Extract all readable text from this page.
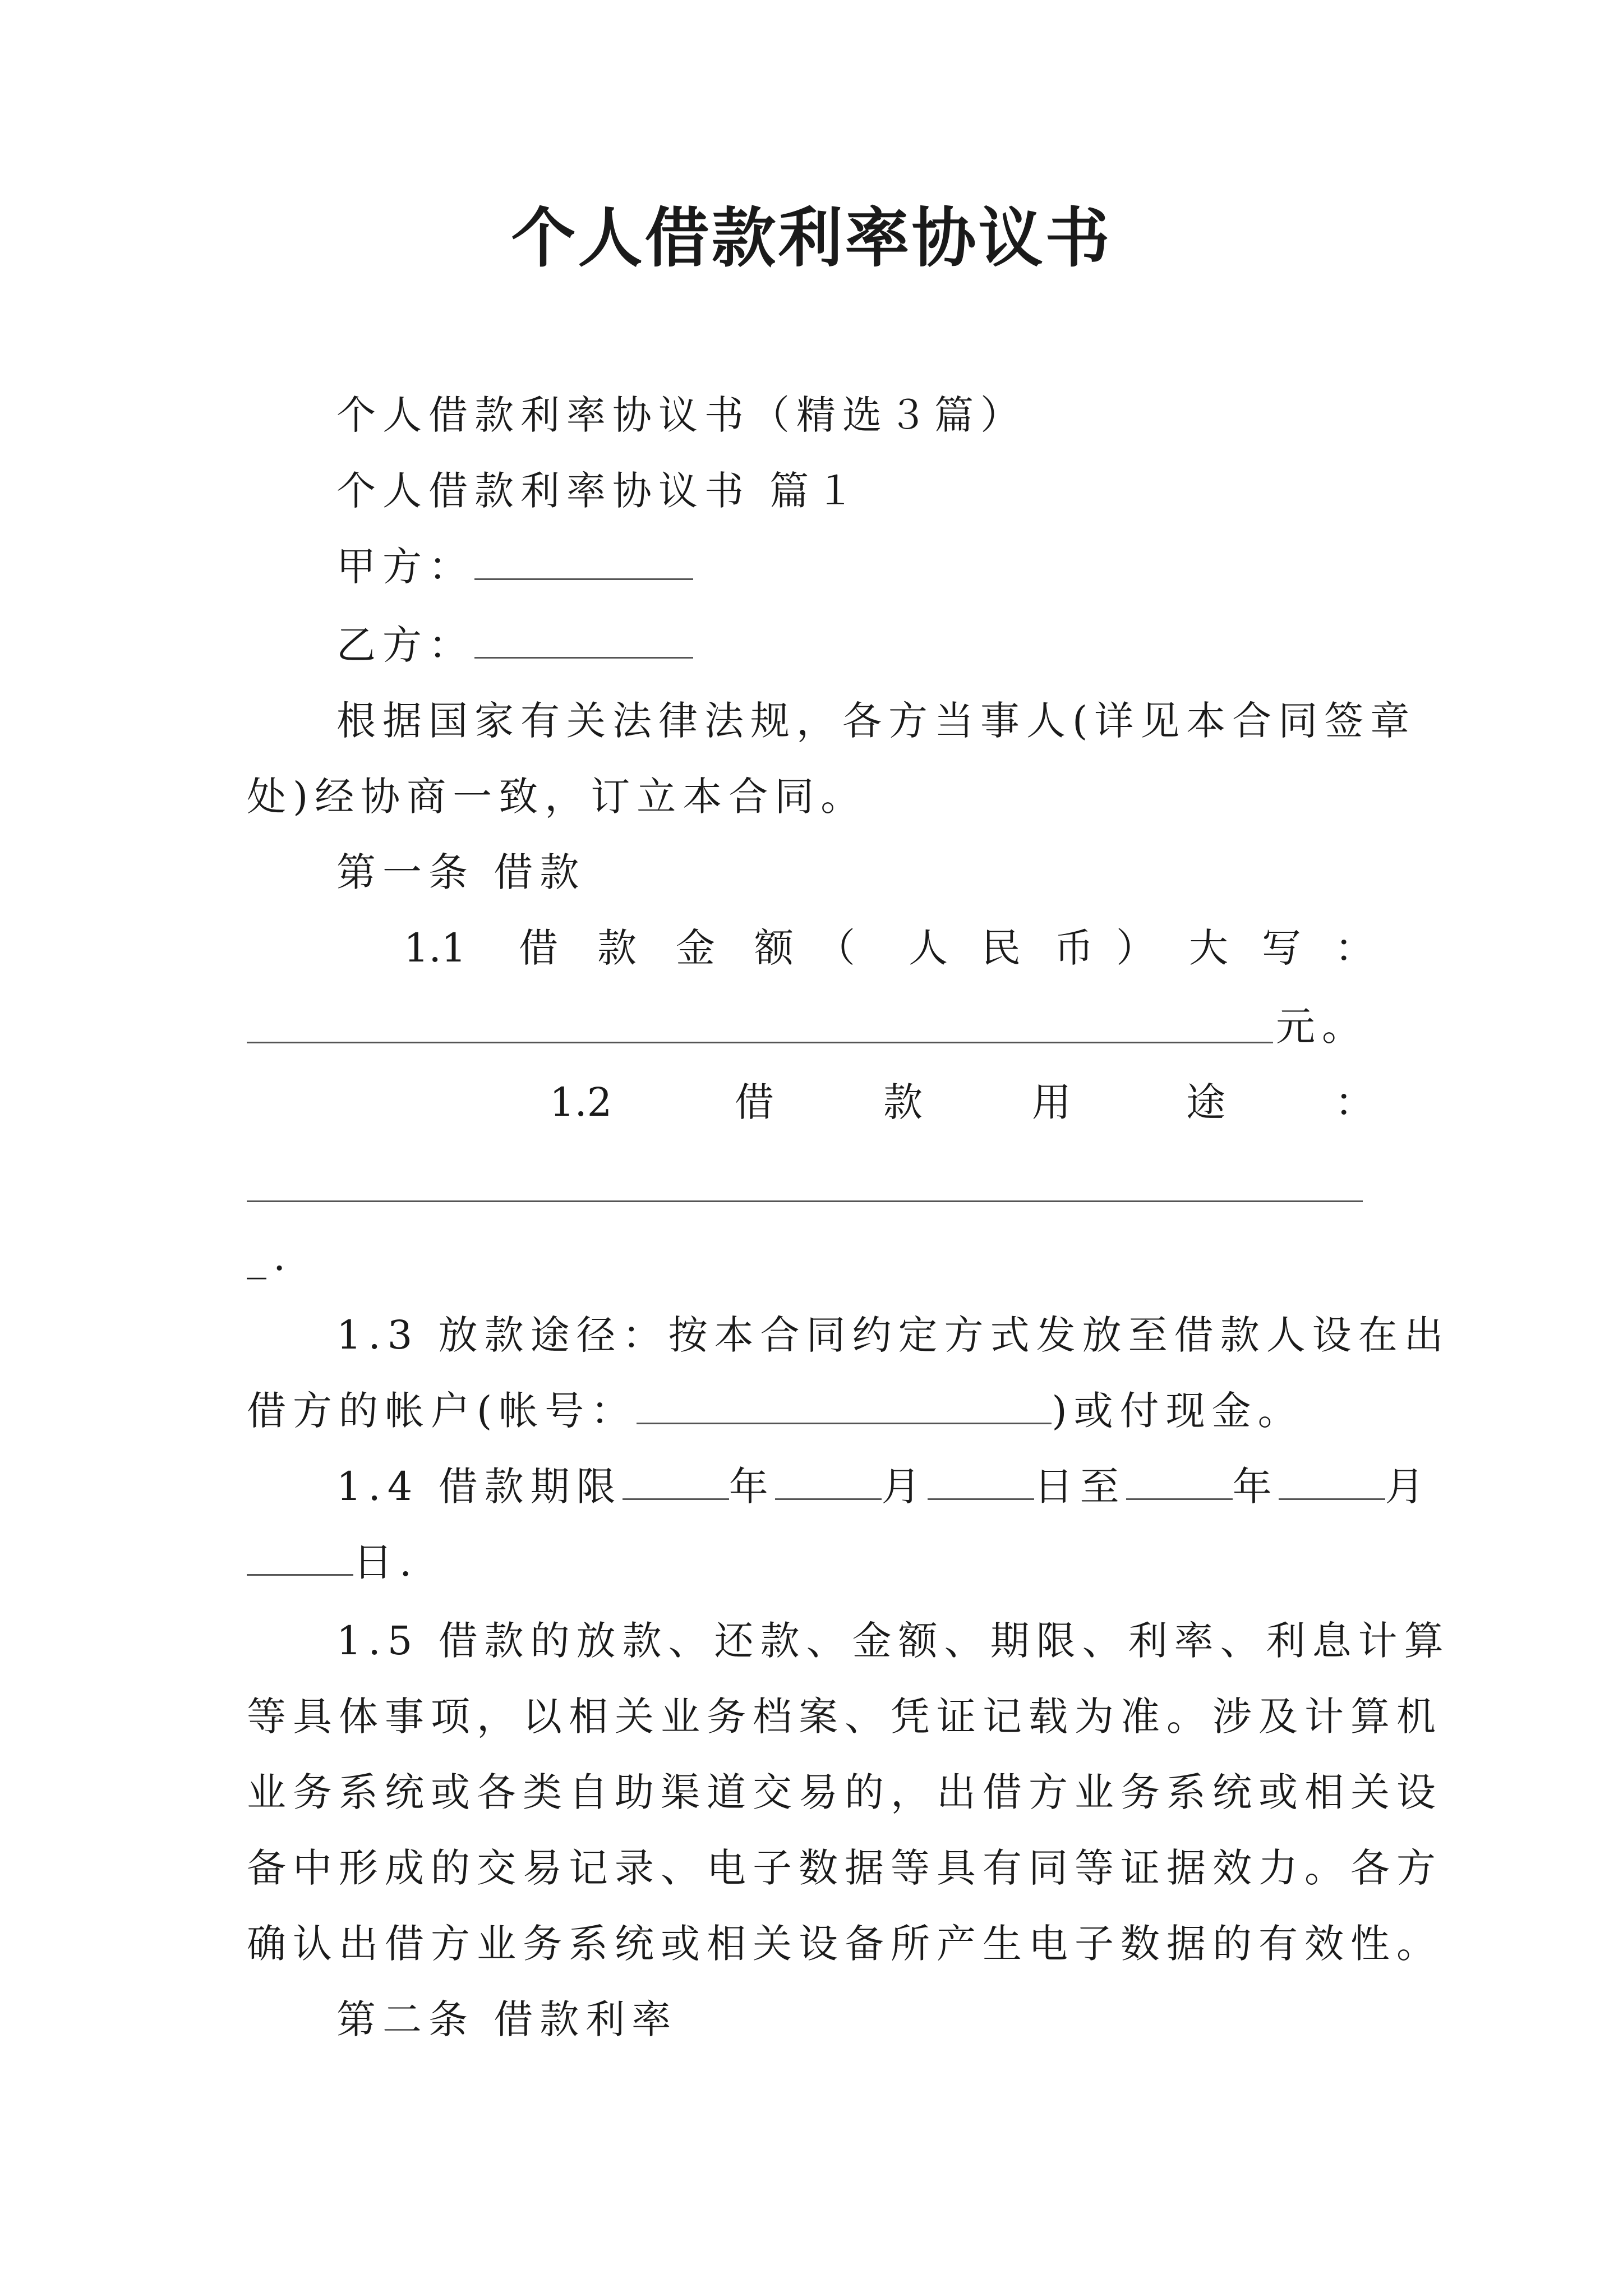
个人借款利率协议书
个人借款利率协议书（精选３篇）
个人借款利率协议书 篇１
甲方：
乙方：
根据国家有关法律法规，各方当事人(详见本合同签章
处)经协商一致，订立本合同。
第一条 借款
1.1 借 款 金 额 （ 人 民 币 ） 大 写 ：
元。
1.2	借	款	用	途	：
_.
1.3 放款途径：按本合同约定方式发放至借款人设在出
借方的帐户(帐号：	)或付现金。
1.4 借款期限	年	月	日至	年	月
日.
1.5 借款的放款、还款、金额、期限、利率、利息计算
等具体事项，以相关业务档案、凭证记载为准。涉及计算机
业务系统或各类自助渠道交易的，出借方业务系统或相关设
备中形成的交易记录、电子数据等具有同等证据效力。各方
确认出借方业务系统或相关设备所产生电子数据的有效性。
第二条 借款利率
